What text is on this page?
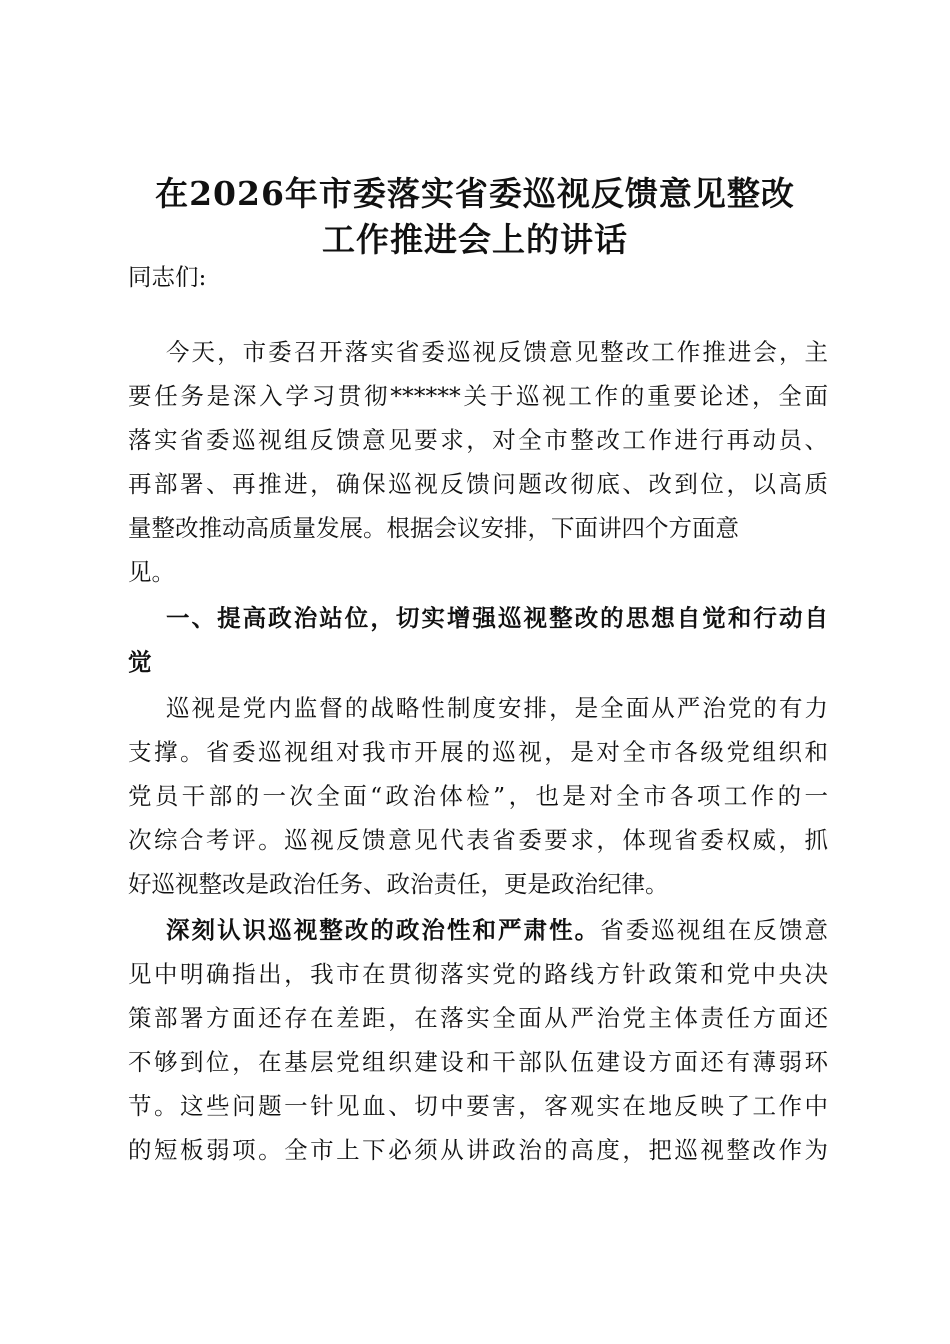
在2026年市委落实省委巡视反馈意见整改
工作推进会上的讲话
同志们:
今天，市委召开落实省委巡视反馈意见整改工作推进会，主
要任务是深入学习贯彻******关于巡视工作的重要论述，全面
落实省委巡视组反馈意见要求，对全市整改工作进行再动员、
再部署、再推进，确保巡视反馈问题改彻底、改到位，以高质
量整改推动高质量发展。根据会议安排，下面讲四个方面意
见。
一、提高政治站位，切实增强巡视整改的思想自觉和行动自
觉
巡视是党内监督的战略性制度安排，是全面从严治党的有力
支撑。省委巡视组对我市开展的巡视，是对全市各级党组织和
党员干部的一次全面“政治体检”，也是对全市各项工作的一
次综合考评。巡视反馈意见代表省委要求，体现省委权威，抓
好巡视整改是政治任务、政治责任，更是政治纪律。
深刻认识巡视整改的政治性和严肃性。省委巡视组在反馈意
见中明确指出，我市在贯彻落实党的路线方针政策和党中央决
策部署方面还存在差距，在落实全面从严治党主体责任方面还
不够到位，在基层党组织建设和干部队伍建设方面还有薄弱环
节。这些问题一针见血、切中要害，客观实在地反映了工作中
的短板弱项。全市上下必须从讲政治的高度，把巡视整改作为
